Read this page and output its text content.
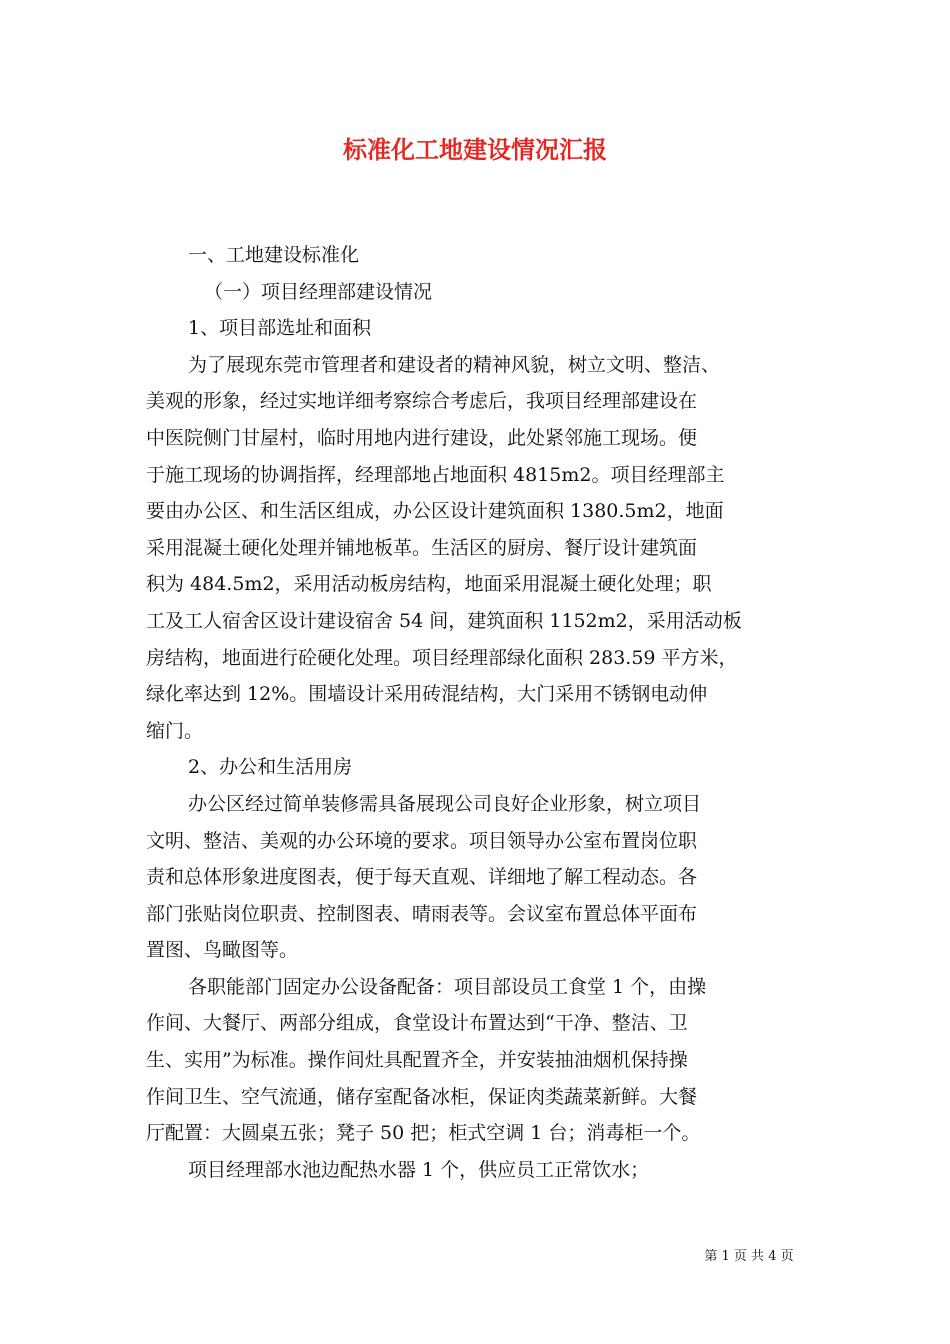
标准化工地建设情况汇报

一、工地建设标准化

（一）项目经理部建设情况

1、项目部选址和面积

为了展现东莞市管理者和建设者的精神风貌，树立文明、整洁、

美观的形象，经过实地详细考察综合考虑后，我项目经理部建设在

中医院侧门甘屋村，临时用地内进行建设，此处紧邻施工现场。便

于施工现场的协调指挥，经理部地占地面积 4815m2。项目经理部主

要由办公区、和生活区组成，办公区设计建筑面积 1380.5m2，地面

采用混凝土硬化处理并铺地板革。生活区的厨房、餐厅设计建筑面

积为 484.5m2，采用活动板房结构，地面采用混凝土硬化处理；职

工及工人宿舍区设计建设宿舍 54 间，建筑面积 1152m2，采用活动板

房结构，地面进行砼硬化处理。项目经理部绿化面积 283.59 平方米，

绿化率达到 12%。围墙设计采用砖混结构，大门采用不锈钢电动伸

缩门。

2、办公和生活用房

办公区经过简单装修需具备展现公司良好企业形象，树立项目

文明、整洁、美观的办公环境的要求。项目领导办公室布置岗位职

责和总体形象进度图表，便于每天直观、详细地了解工程动态。各

部门张贴岗位职责、控制图表、晴雨表等。会议室布置总体平面布

置图、鸟瞰图等。

各职能部门固定办公设备配备：项目部设员工食堂 1 个，由操

作间、大餐厅、两部分组成，食堂设计布置达到“干净、整洁、卫

生、实用”为标准。操作间灶具配置齐全，并安装抽油烟机保持操

作间卫生、空气流通，储存室配备冰柜，保证肉类蔬菜新鲜。大餐

厅配置：大圆桌五张；凳子 50 把；柜式空调 1 台；消毒柜一个。

项目经理部水池边配热水器 1 个，供应员工正常饮水；

第 1 页 共 4 页
